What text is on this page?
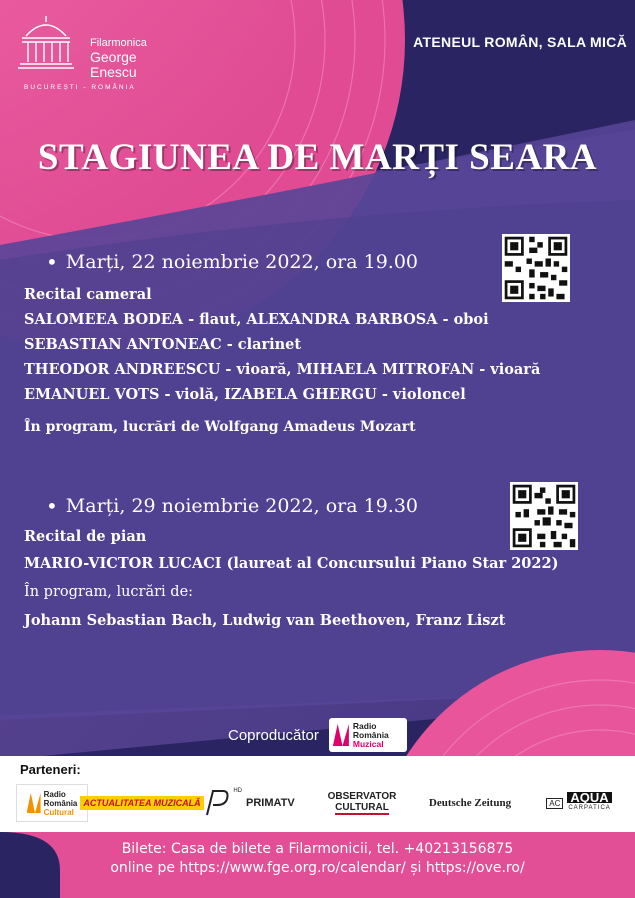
Filarmonica
George
Enescu
BUCUREȘTI - ROMÂNIA
ATENEUL ROMÂN, SALA MICĂ
STAGIUNEA DE MARȚI SEARA
• Marți, 22 noiembrie 2022, ora 19.00
Recital cameral
SALOMEEA BODEA - flaut, ALEXANDRA BARBOSA - oboi
SEBASTIAN ANTONEAC - clarinet
THEODOR ANDREESCU - vioară, MIHAELA MITROFAN - vioară
EMANUEL VOTS - violă, IZABELA GHERGU - violoncel
În program, lucrări de Wolfgang Amadeus Mozart
• Marți, 29 noiembrie 2022, ora 19.30
Recital de pian
MARIO-VICTOR LUCACI (laureat al Concursului Piano Star 2022)
În program, lucrări de:
Johann Sebastian Bach, Ludwig van Beethoven, Franz Liszt
Coproducător
Radio
România
Muzical
Parteneri:
Radio
România
Cultural
ACTUALITATEA MUZICALĂ
HD
PRIMATV
OBSERVATOR
CULTURAL	Deutsche Zeitung	AC AQUA
CARPATICA
Bilete: Casa de bilete a Filarmonicii, tel. +40213156875
online pe https://www.fge.org.ro/calendar/ și https://ove.ro/
